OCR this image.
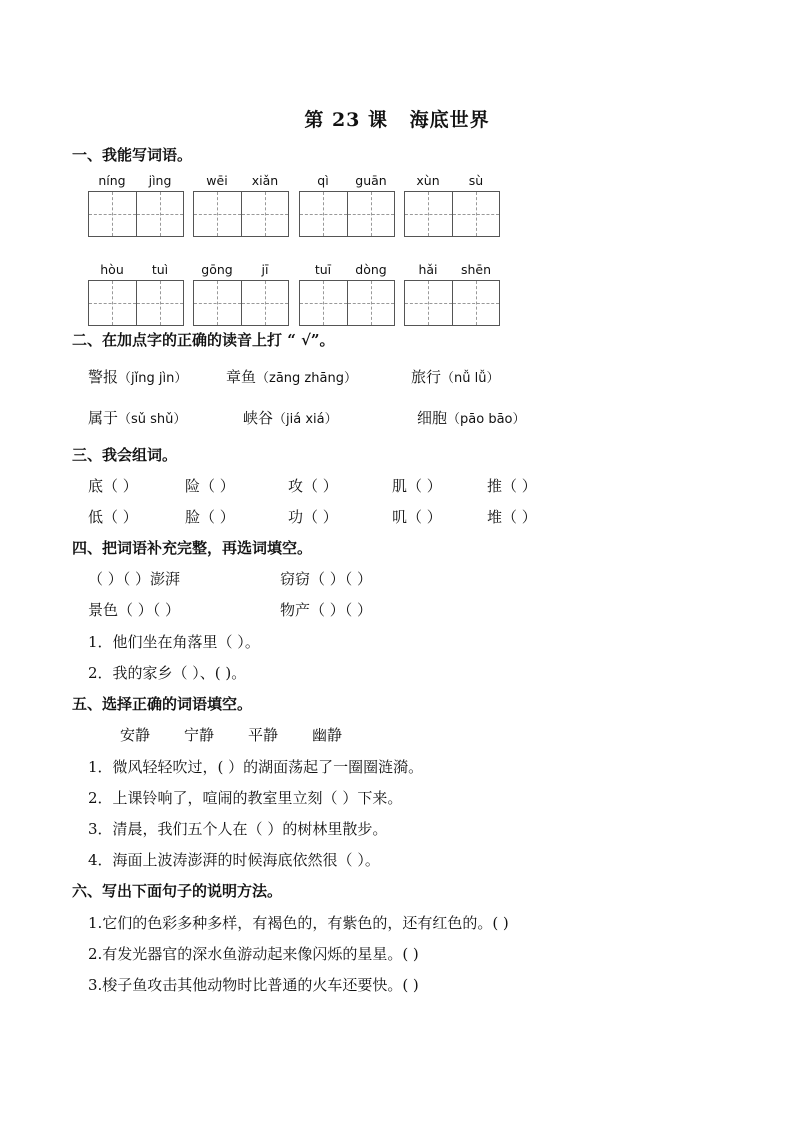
第 23 课 海底世界
一、我能写词语。
níng	jìng	wēi	xiǎn	qì	guān	xùn	sù
hòu	tuì	gōng	jī	tuī	dòng	hǎi	shēn
二、在加点字的正确的读音上打 “ √”。
警报（jǐng jìn）	章鱼（zāng zhāng）	旅行（nǚ lǚ）
属于（sǔ shǔ）	峡谷（jiá xiá）	细胞（pāo bāo）
三、我会组词。
底（ ）	险（ ）	攻（ ）	肌（ ）	推（ ）
低（ ）	脸（ ）	功（ ）	叽（ ）	堆（ ）
四、把词语补充完整，再选词填空。
（ ）（ ）澎湃	窃窃（ ）（ ）
景色（ ）（ ）	物产（ ）（ ）
1．他们坐在角落里（ ）。
2．我的家乡（ ）、( )。
五、选择正确的词语填空。
安静 宁静 平静 幽静
1．微风轻轻吹过，( ）的湖面荡起了一圈圈涟漪。
2．上课铃响了，喧闹的教室里立刻（ ）下来。
3．清晨，我们五个人在（ ）的树林里散步。
4．海面上波涛澎湃的时候海底依然很（ ）。
六、写出下面句子的说明方法。
1.它们的色彩多种多样，有褐色的，有紫色的，还有红色的。( )
2.有发光器官的深水鱼游动起来像闪烁的星星。( )
3.梭子鱼攻击其他动物时比普通的火车还要快。( )
